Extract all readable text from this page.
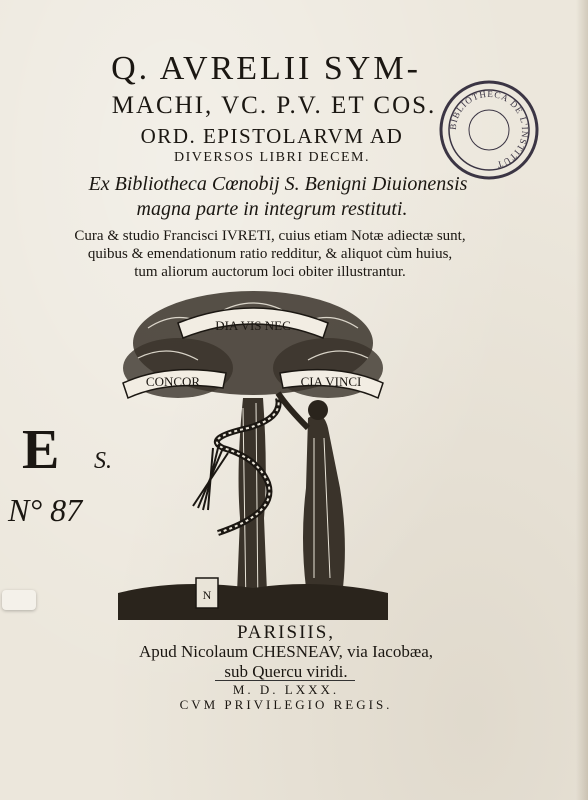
Q. AVRELII SYM-
MACHI, VC. P.V. ET COS.
ORD. EPISTOLARVM AD
DIVERSOS LIBRI DECEM.
Ex Bibliotheca Cœnobij S. Benigni Diuionensis
magna parte in integrum restituti.
Cura & studio Francisci IVRETI, cuius etiam Notæ adiectæ sunt,
quibus & emendationum ratio redditur, & aliquot cùm huius,
tum aliorum auctorum loci obiter illustrantur.
N
DIA VIS NEC
CONCOR	CIA VINCI
PARISIIS,
Apud Nicolaum CHESNEAV, via Iacobæa,
sub Quercu viridi.
M. D. LXXX.
CVM PRIVILEGIO REGIS.
BIBLIOTHECA DE L'INSTITUT
E S.
N° 87
